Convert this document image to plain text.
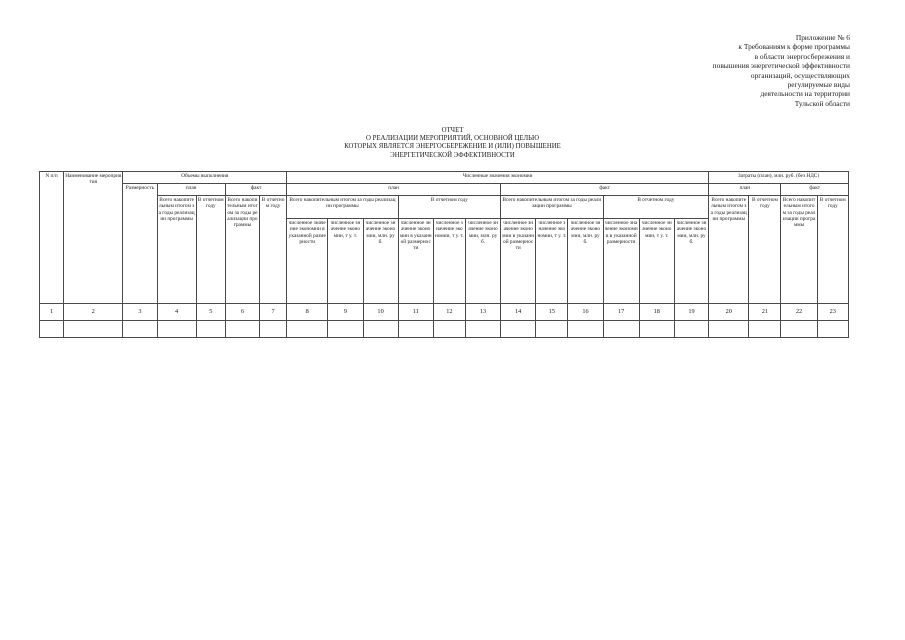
Приложение № 6
к Требованиям к форме программы
в области энергосбережения и
повышения энергетической эффективности
организаций, осуществляющих
регулируемые виды
деятельности на территории
Тульской области
ОТЧЕТ
О РЕАЛИЗАЦИИ МЕРОПРИЯТИЙ, ОСНОВНОЙ ЦЕЛЬЮ
КОТОРЫХ ЯВЛЯЕТСЯ ЭНЕРГОСБЕРЕЖЕНИЕ И (ИЛИ) ПОВЫШЕНИЕ
ЭНЕРГЕТИЧЕСКОЙ ЭФФЕКТИВНОСТИ
N п/п	Наименование мероприятия	Объемы выполнения					Численные значения экономии												Затраты (план), млн. руб. (без НДС)			
		Размерность	план		факт		план						факт						план		факт	
			Всего накопительным итогом за годы реализации программы	В отчетном году	Всего накопительным итогом за годы реализации программы	В отчетном году	Всего накопительным итогом за годы реализации программы			В отчетном году			Всего накопительным итогом за годы реализации программы			В отчетном году			Всего накопительным итогом за годы реализации программы	В отчетном году	Всего накопительным итогом за годы реализации программы	В отчетном году
							численное значение экономии в указанной размерности	численное значение экономии, т у. т.	численное значение экономии, млн. руб.	численное значение экономии в указанной размерности	численное значение экономии, т у. т.	численное значение экономии, млн. руб.	численное значение экономии в указанной размерности	численное значение экономии, т у. т.	численное значение экономии, млн. руб.	численное значение экономии в указанной размерности	численное значение экономии, т у. т.	численное значение экономии, млн. руб.				
1	2	3	4	5	6	7	8	9	10	11	12	13	14	15	16	17	18	19	20	21	22	23
